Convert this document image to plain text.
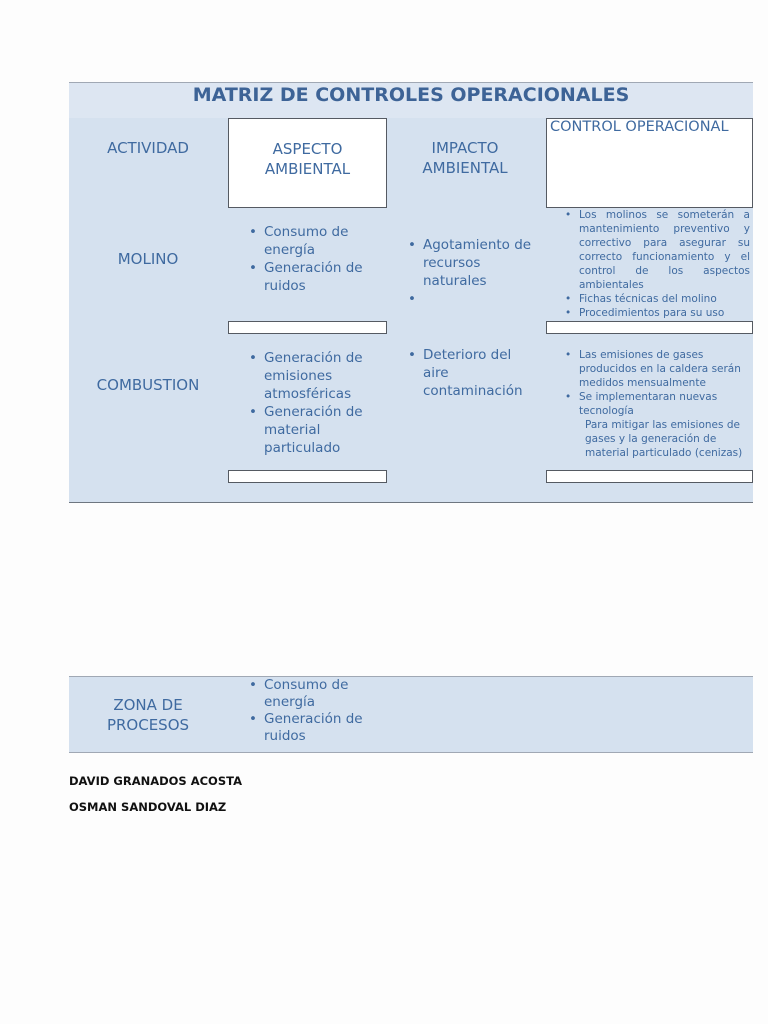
MATRIZ DE CONTROLES OPERACIONALES
ACTIVIDAD	ASPECTO AMBIENTAL
IMPACTO AMBIENTAL
CONTROL OPERACIONAL
MOLINO
• Consumo de energía
• Generación de ruidos
• Agotamiento de recursos naturales
•
• Los molinos se someterán a mantenimiento preventivo y correctivo para asegurar su correcto funcionamiento y el control de los aspectos ambientales
• Fichas técnicas del molino
• Procedimientos para su uso
COMBUSTION
• Generación de emisiones atmosféricas
• Generación de material particulado
• Deterioro del aire contaminación
• Las emisiones de gases producidos en la caldera serán medidos mensualmente
• Se implementaran nuevas tecnología
Para mitigar las emisiones de gases y la generación de material particulado (cenizas)
ZONA DE PROCESOS
• Consumo de energía
• Generación de ruidos
DAVID GRANADOS ACOSTA
OSMAN SANDOVAL DIAZ
